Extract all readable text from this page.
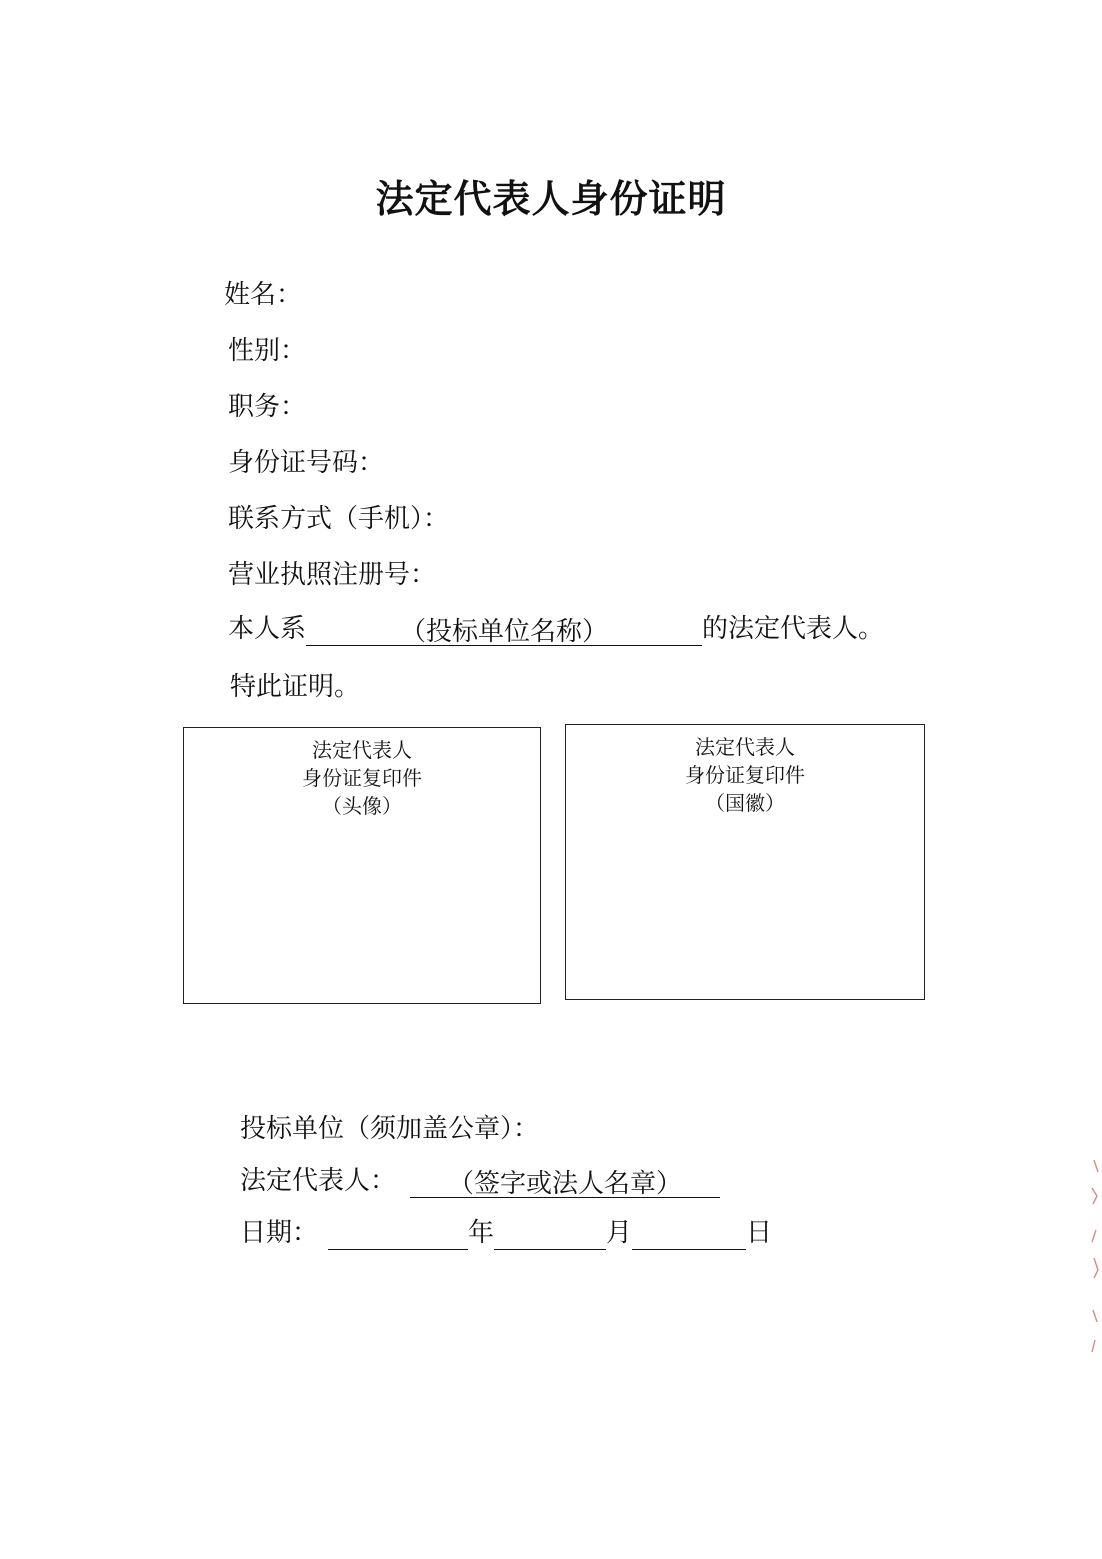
法定代表人身份证明
姓名：
性别：
职务：
身份证号码：
联系方式（手机）：
营业执照注册号：
本人系	（投标单位名称）	的法定代表人。
特此证明。
法定代表人
身份证复印件
（头像）
法定代表人
身份证复印件
（国徽）
投标单位（须加盖公章）：
法定代表人： （签字或法人名章）
日期：	年	月	日
